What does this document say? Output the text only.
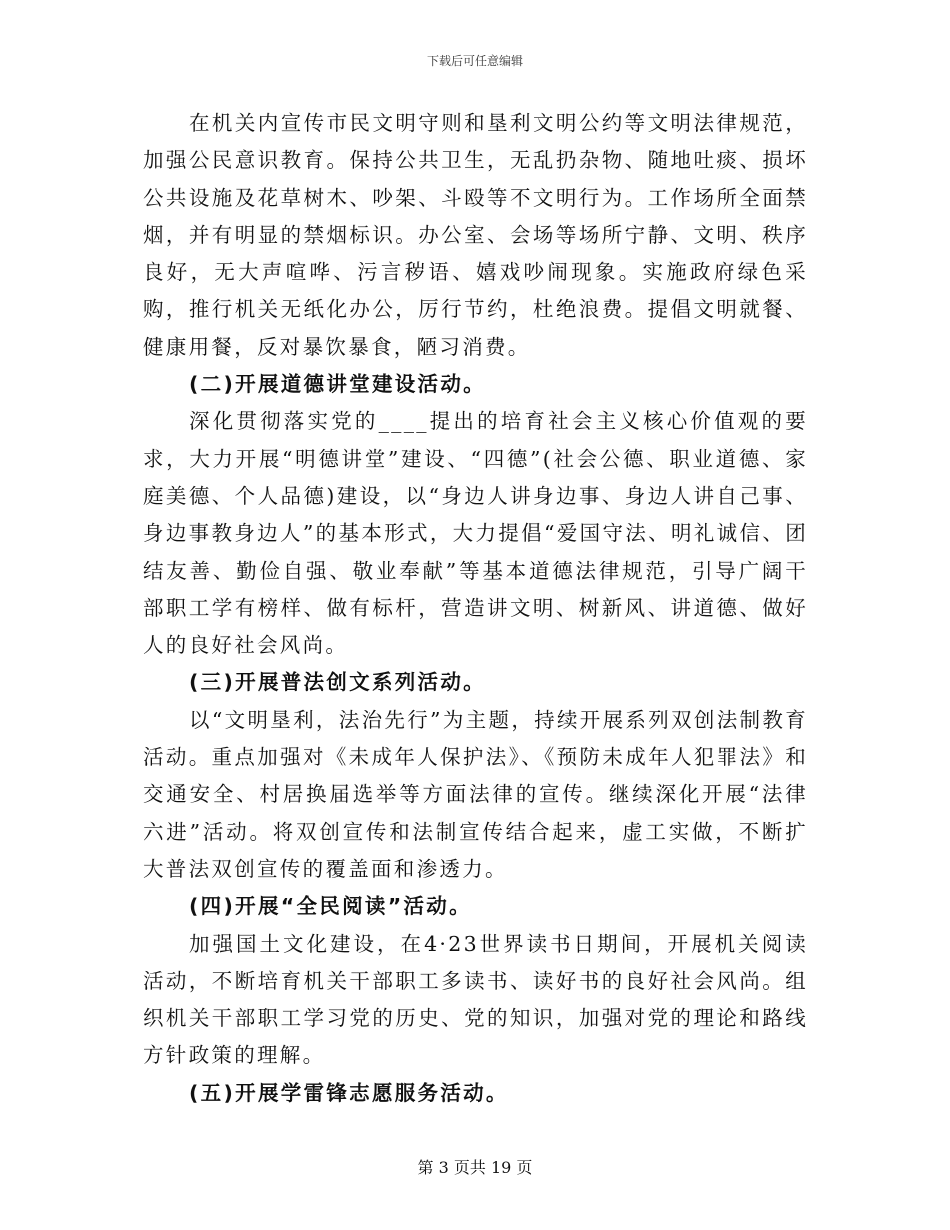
下载后可任意编辑

在机关内宣传市民文明守则和垦利文明公约等文明法律规范，加强公民意识教育。保持公共卫生，无乱扔杂物、随地吐痰、损坏公共设施及花草树木、吵架、斗殴等不文明行为。工作场所全面禁烟，并有明显的禁烟标识。办公室、会场等场所宁静、文明、秩序良好，无大声喧哗、污言秽语、嬉戏吵闹现象。实施政府绿色采购，推行机关无纸化办公，厉行节约，杜绝浪费。提倡文明就餐、健康用餐，反对暴饮暴食，陋习消费。

(二)开展道德讲堂建设活动。

深化贯彻落实党的____提出的培育社会主义核心价值观的要求，大力开展“明德讲堂”建设、“四德”(社会公德、职业道德、家庭美德、个人品德)建设，以“身边人讲身边事、身边人讲自己事、身边事教身边人”的基本形式，大力提倡“爱国守法、明礼诚信、团结友善、勤俭自强、敬业奉献”等基本道德法律规范，引导广阔干部职工学有榜样、做有标杆，营造讲文明、树新风、讲道德、做好人的良好社会风尚。

(三)开展普法创文系列活动。

以“文明垦利，法治先行”为主题，持续开展系列双创法制教育活动。重点加强对《未成年人保护法》、《预防未成年人犯罪法》和交通安全、村居换届选举等方面法律的宣传。继续深化开展“法律六进”活动。将双创宣传和法制宣传结合起来，虚工实做，不断扩大普法双创宣传的覆盖面和渗透力。

(四)开展“全民阅读”活动。

加强国土文化建设，在4·23世界读书日期间，开展机关阅读活动，不断培育机关干部职工多读书、读好书的良好社会风尚。组织机关干部职工学习党的历史、党的知识，加强对党的理论和路线方针政策的理解。

(五)开展学雷锋志愿服务活动。

第 3 页共 19 页
